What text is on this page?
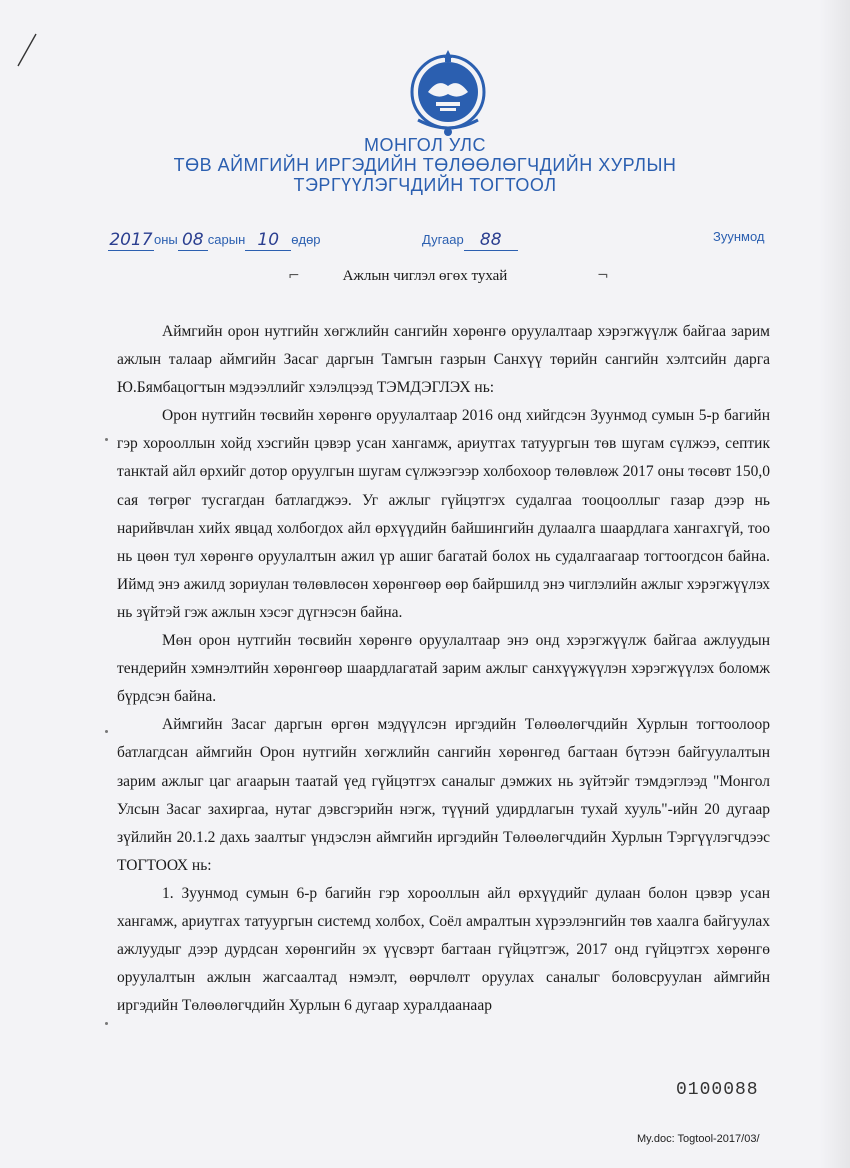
МОНГОЛ УЛС
ТӨВ АЙМГИЙН ИРГЭДИЙН ТӨЛӨӨЛӨГЧДИЙН ХУРЛЫН
ТЭРГҮҮЛЭГЧДИЙН ТОГТООЛ
2017оны 08 сарын 10 өдөр	Дугаар 88	Зуунмод
⌐	Ажлын чиглэл өгөх тухай	¬

Аймгийн орон нутгийн хөгжлийн сангийн хөрөнгө оруулалтаар хэрэгжүүлж байгаа зарим ажлын талаар аймгийн Засаг даргын Тамгын газрын Санхүү төрийн сангийн хэлтсийн дарга Ю.Бямбацогтын мэдээллийг хэлэлцээд ТЭМДЭГЛЭХ нь:

Орон нутгийн төсвийн хөрөнгө оруулалтаар 2016 онд хийгдсэн Зуунмод сумын 5-р багийн гэр хорооллын хойд хэсгийн цэвэр усан хангамж, ариутгах татуургын төв шугам сүлжээ, септик танктай айл өрхийг дотор оруулгын шугам сүлжээгээр холбохоор төлөвлөж 2017 оны төсөвт 150,0 сая төгрөг тусгагдан батлагджээ. Уг ажлыг гүйцэтгэх судалгаа тооцооллыг газар дээр нь нарийвчлан хийх явцад холбогдох айл өрхүүдийн байшингийн дулаалга шаардлага хангахгүй, тоо нь цөөн тул хөрөнгө оруулалтын ажил үр ашиг багатай болох нь судалгаагаар тогтоогдсон байна. Иймд энэ ажилд зориулан төлөвлөсөн хөрөнгөөр өөр байршилд энэ чиглэлийн ажлыг хэрэгжүүлэх нь зүйтэй гэж ажлын хэсэг дүгнэсэн байна.

Мөн орон нутгийн төсвийн хөрөнгө оруулалтаар энэ онд хэрэгжүүлж байгаа ажлуудын тендерийн хэмнэлтийн хөрөнгөөр шаардлагатай зарим ажлыг санхүүжүүлэн хэрэгжүүлэх боломж бүрдсэн байна.

Аймгийн Засаг даргын өргөн мэдүүлсэн иргэдийн Төлөөлөгчдийн Хурлын тогтоолоор батлагдсан аймгийн Орон нутгийн хөгжлийн сангийн хөрөнгөд багтаан бүтээн байгуулалтын зарим ажлыг цаг агаарын таатай үед гүйцэтгэх саналыг дэмжих нь зүйтэйг тэмдэглээд "Монгол Улсын Засаг захиргаа, нутаг дэвсгэрийн нэгж, түүний удирдлагын тухай хууль"-ийн 20 дугаар зүйлийн 20.1.2 дахь заалтыг үндэслэн аймгийн иргэдийн Төлөөлөгчдийн Хурлын Тэргүүлэгчдээс ТОГТООХ нь:

1. Зуунмод сумын 6-р багийн гэр хорооллын айл өрхүүдийг дулаан болон цэвэр усан хангамж, ариутгах татуургын системд холбох, Соёл амралтын хүрээлэнгийн төв хаалга байгуулах ажлуудыг дээр дурдсан хөрөнгийн эх үүсвэрт багтаан гүйцэтгэж, 2017 онд гүйцэтгэх хөрөнгө оруулалтын ажлын жагсаалтад нэмэлт, өөрчлөлт оруулах саналыг боловсруулан аймгийн иргэдийн Төлөөлөгчдийн Хурлын 6 дугаар хуралдаанаар

0100088
My.doc: Togtool-2017/03/
